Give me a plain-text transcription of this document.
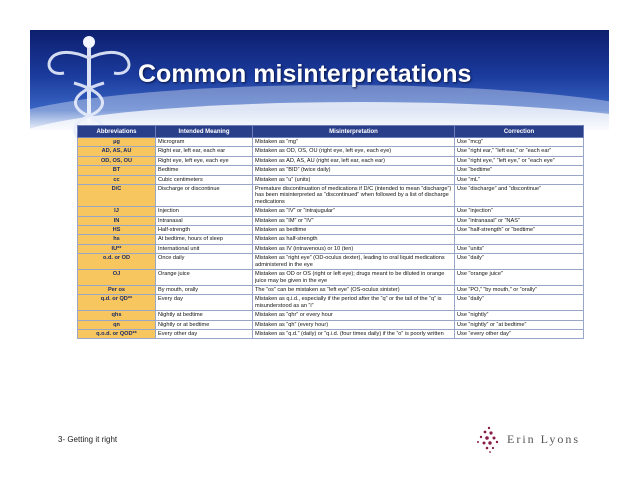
Common misinterpretations
Abbreviations	Intended Meaning	Misinterpretation	Correction
μg	Microgram	Mistaken as “mg”	Use “mcg”
AD, AS, AU	Right ear, left ear, each ear	Mistaken as OD, OS, OU (right eye, left eye, each eye)	Use “right ear,” “left ear,” or “each ear”
OD, OS, OU	Right eye, left eye, each eye	Mistaken as AD, AS, AU (right ear, left ear, each ear)	Use “right eye,” “left eye,” or “each eye”
BT	Bedtime	Mistaken as “BID” (twice daily)	Use “bedtime”
cc	Cubic centimeters	Mistaken as “u” (units)	Use “mL”
D/C	Discharge or discontinue	Premature discontinuation of medications if D/C (intended to mean “discharge”) has been misinterpreted as “discontinued” when followed by a list of discharge medications	Use “discharge” and “discontinue”
IJ	Injection	Mistaken as “IV” or “intrajugular”	Use “injection”
IN	Intranasal	Mistaken as “IM” or “IV”	Use “intranasal” or “NAS”
HS	Half-strength	Mistaken as bedtime	Use “half-strength” or “bedtime”
hs	At bedtime, hours of sleep	Mistaken as half-strength	
IU**	International unit	Mistaken as IV (intravenous) or 10 (ten)	Use “units”
o.d. or OD	Once daily	Mistaken as “right eye” (OD-oculus dexter), leading to oral liquid medications administered in the eye	Use “daily”
OJ	Orange juice	Mistaken as OD or OS (right or left eye); drugs meant to be diluted in orange juice may be given in the eye	Use "orange juice"
Per os	By mouth, orally	The “os” can be mistaken as “left eye” (OS-oculus sinister)	Use “PO,” “by mouth,” or “orally”
q.d. or QD**	Every day	Mistaken as q.i.d., especially if the period after the “q” or the tail of the “q” is misunderstood as an “i”	Use “daily”
qhs	Nightly at bedtime	Mistaken as “qhr” or every hour	Use “nightly”
qn	Nightly or at bedtime	Mistaken as “qh” (every hour)	Use “nightly” or “at bedtime”
q.o.d. or QOD**	Every other day	Mistaken as “q.d.” (daily) or “q.i.d. (four times daily) if the “o” is poorly written	Use “every other day”
3- Getting it right	Erin Lyons
